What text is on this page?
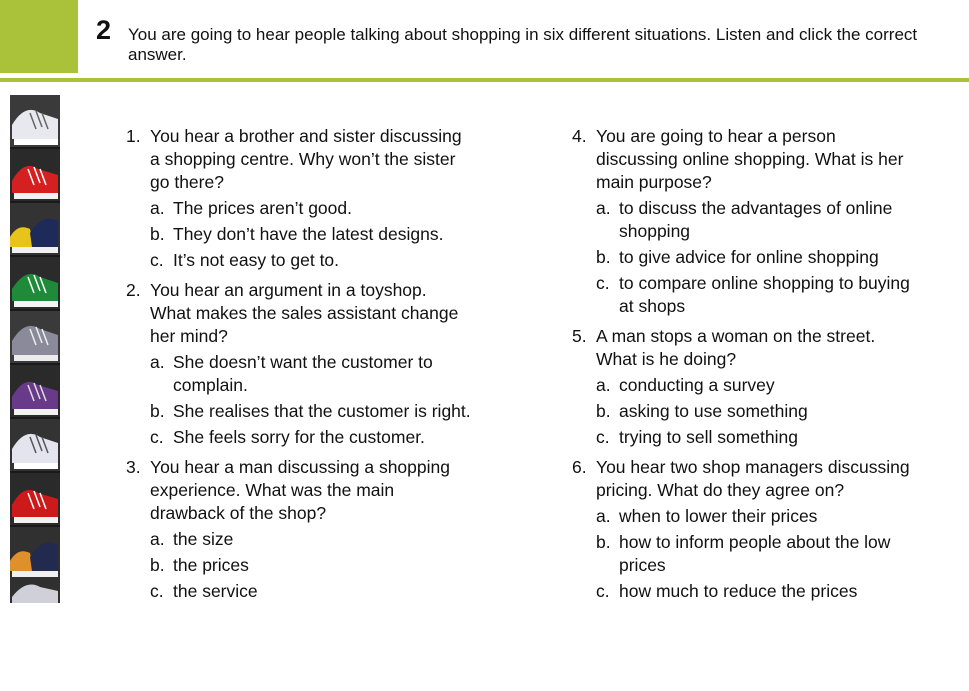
2 You are going to hear people talking about shopping in six different situations. Listen and click the correct answer.
1. You hear a brother and sister discussing a shopping centre. Why won’t the sister go there?
a. The prices aren’t good.
b. They don’t have the latest designs.
c. It’s not easy to get to.
2. You hear an argument in a toyshop. What makes the sales assistant change her mind?
a. She doesn’t want the customer to complain.
b. She realises that the customer is right.
c. She feels sorry for the customer.
3. You hear a man discussing a shopping experience. What was the main drawback of the shop?
a. the size
b. the prices
c. the service
4. You are going to hear a person discussing online shopping. What is her main purpose?
a. to discuss the advantages of online shopping
b. to give advice for online shopping
c. to compare online shopping to buying at shops
5. A man stops a woman on the street. What is he doing?
a. conducting a survey
b. asking to use something
c. trying to sell something
6. You hear two shop managers discussing pricing. What do they agree on?
a. when to lower their prices
b. how to inform people about the low prices
c. how much to reduce the prices
